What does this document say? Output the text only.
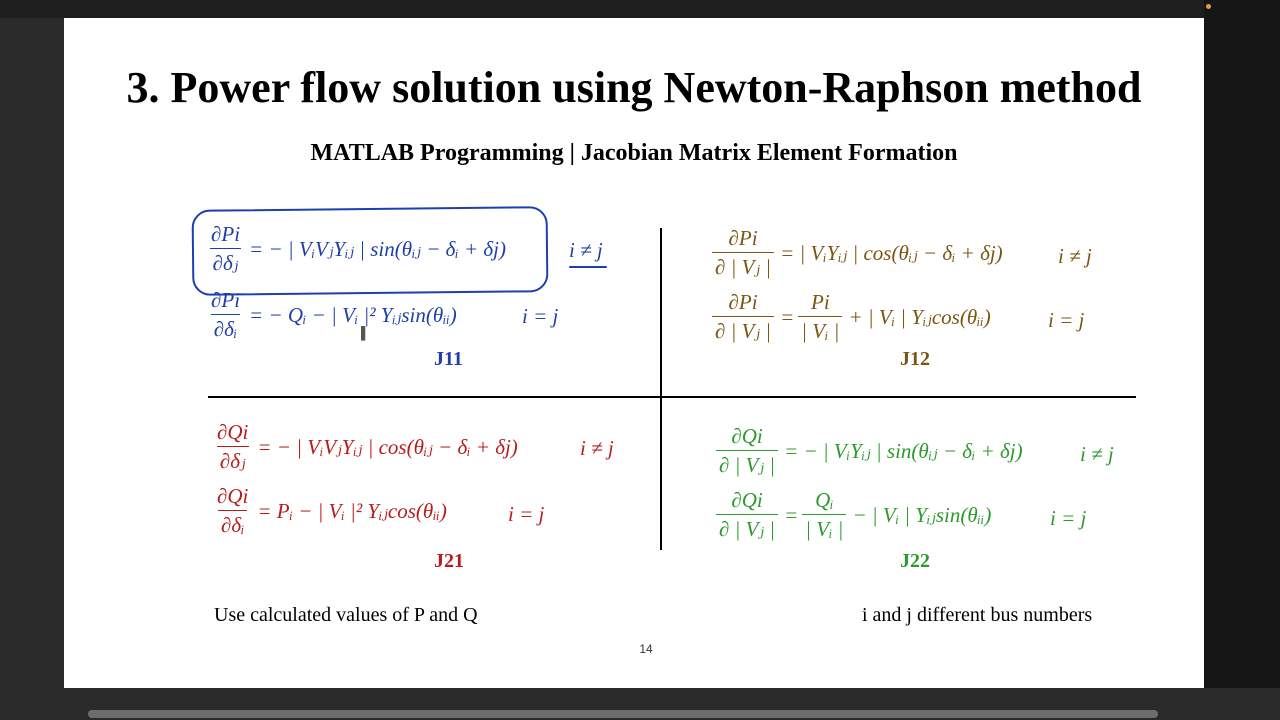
3. Power flow solution using Newton-Raphson method
MATLAB Programming | Jacobian Matrix Element Formation
$\frac{\partial Pi}{\text{∂δⱼ}}$ = − | VᵢVⱼYᵢⱼ | sin(θᵢⱼ − δᵢ + δj)	i ≠ j
$\frac{\partial Pi}{\text{∂δᵢ}}$ = − Qᵢ − | Vᵢ |² Yᵢⱼsin(θᵢᵢ)	i = j
J11
▌
$\frac{\partial Pi}{\text{∂ | Vⱼ |}}$ = | VᵢYᵢⱼ | cos(θᵢⱼ − δᵢ + δj)	i ≠ j
$\frac{\partial Pi}{\text{∂ | Vⱼ |}} = \frac{Pi}{\text{| Vᵢ |}}$ + | Vᵢ | Yᵢⱼcos(θᵢᵢ)	i = j
J12
$\frac{\partial Qi}{\text{∂δⱼ}}$ = − | VᵢVⱼYᵢⱼ | cos(θᵢⱼ − δᵢ + δj)	i ≠ j
$\frac{\partial Qi}{\text{∂δᵢ}}$ = Pᵢ − | Vᵢ |² Yᵢⱼcos(θᵢᵢ)	i = j
J21
$\frac{\partial Qi}{\text{∂ | Vⱼ |}}$ = − | VᵢYᵢⱼ | sin(θᵢⱼ − δᵢ + δj)	i ≠ j
$\frac{\partial Qi}{\text{∂ | Vⱼ |}} = \frac{\text{Qᵢ}}{\text{| Vᵢ |}}$ − | Vᵢ | Yᵢⱼsin(θᵢᵢ)	i = j
J22
Use calculated values of P and Q	i and j different bus numbers
14
